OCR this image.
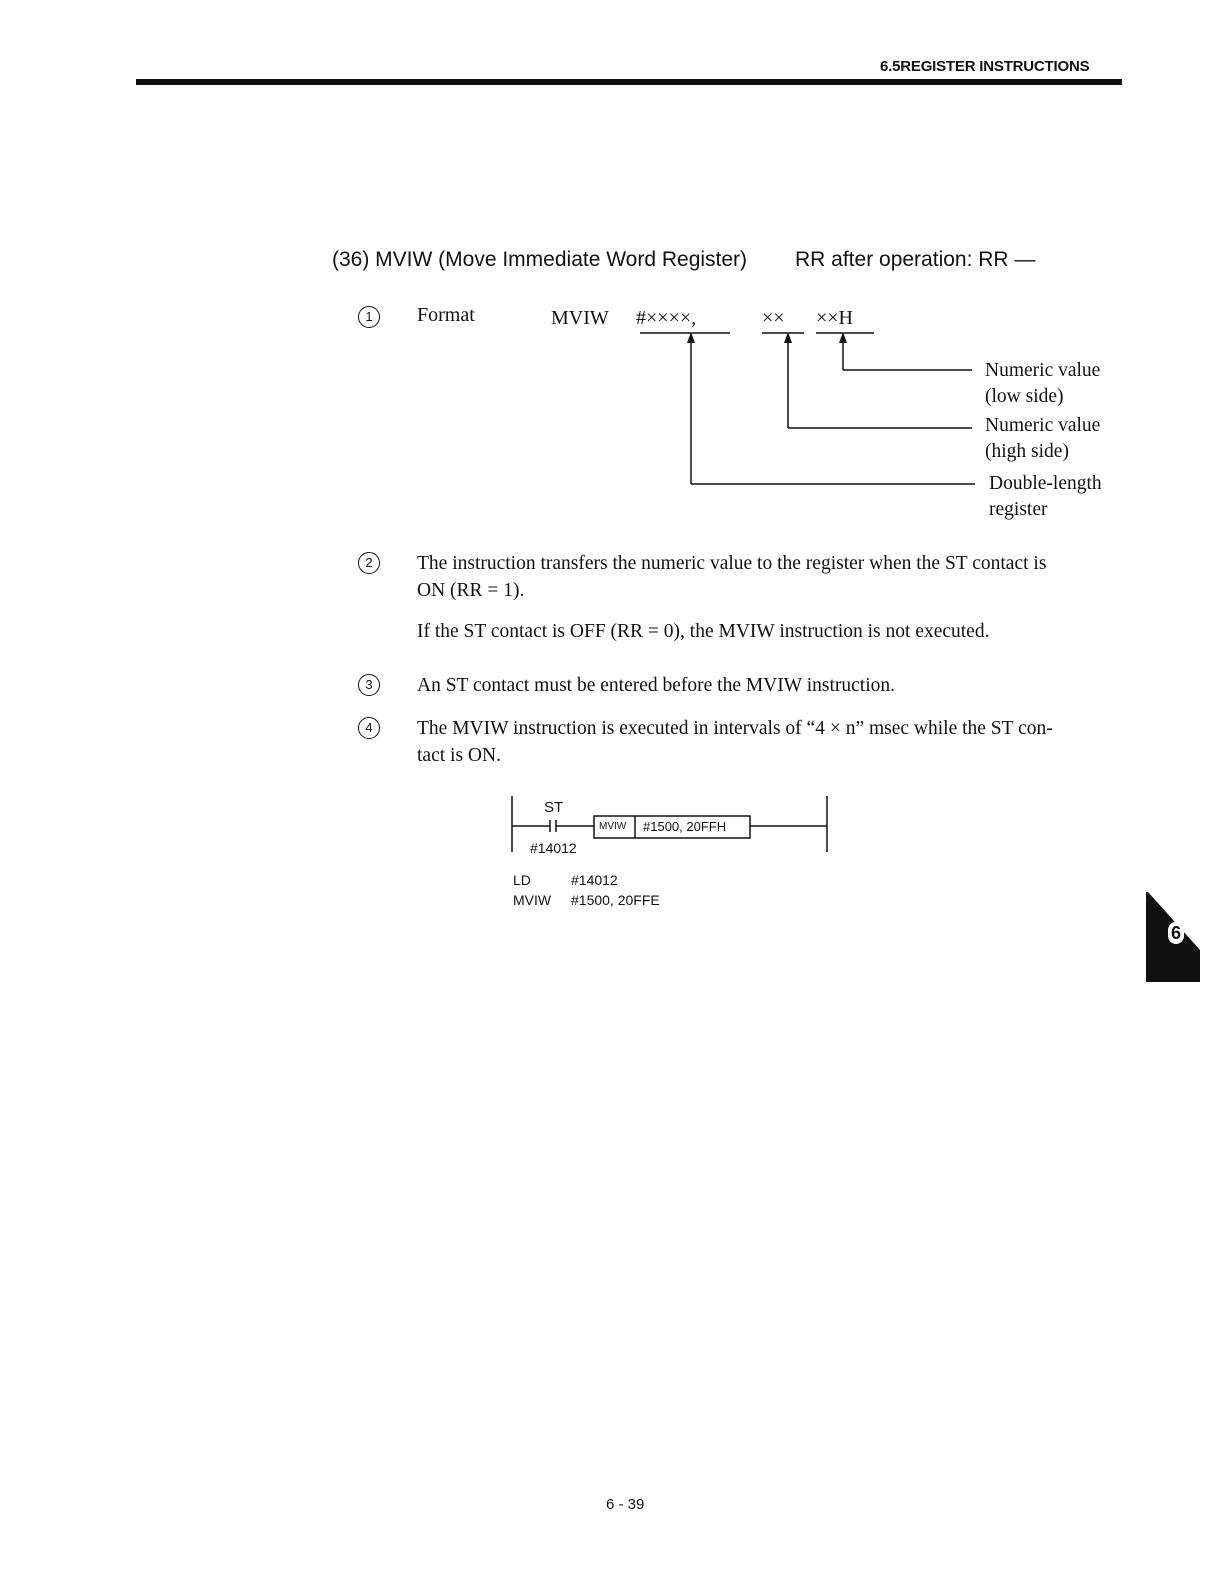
6.5REGISTER INSTRUCTIONS
(36) MVIW (Move Immediate Word Register) RR after operation: RR —
1	Format	MVIW #××××,	×× ××H
Numeric value
(low side)
Numeric value
(high side)
Double-length
register
2	The instruction transfers the numeric value to the register when the ST contact is
ON (RR = 1).
If the ST contact is OFF (RR = 0), the MVIW instruction is not executed.
3	An ST contact must be entered before the MVIW instruction.
4	The MVIW instruction is executed in intervals of “4 × n” msec while the ST con-
tact is ON.
ST
#14012
MVIW #1500, 20FFH
LD	#14012
MVIW #1500, 20FFE
6
6 - 39
